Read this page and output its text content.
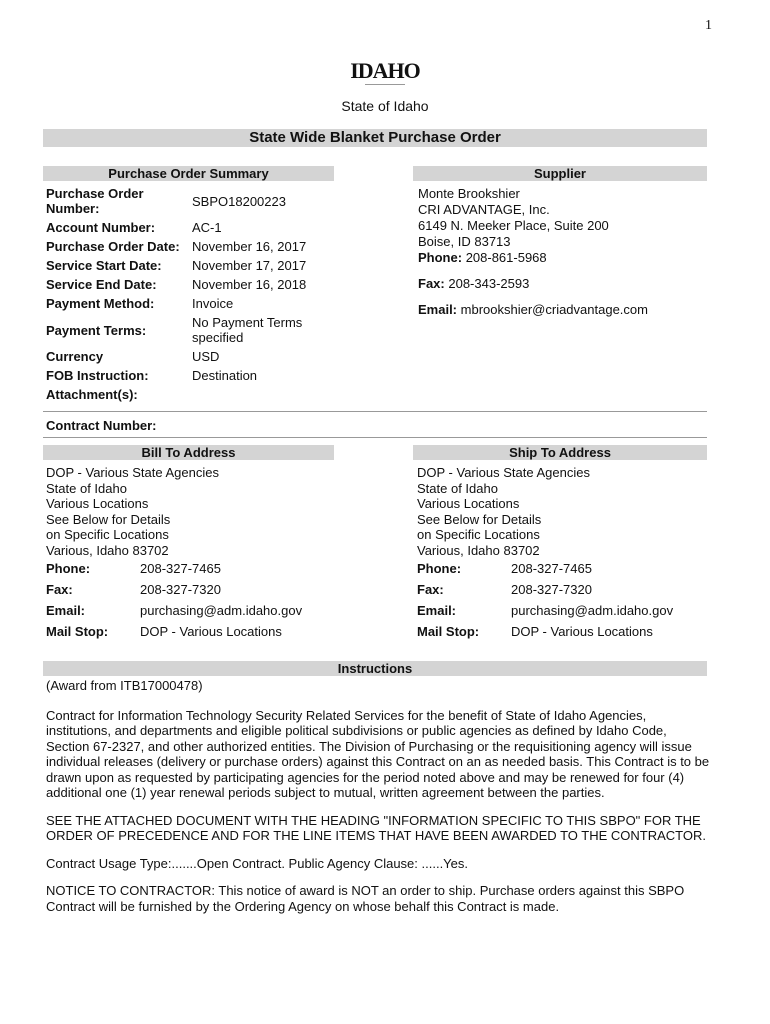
1
IDAHO
State of Idaho
State Wide Blanket Purchase Order
Purchase Order Summary	Supplier
Purchase Order Number:	SBPO18200223
Account Number:	AC-1
Purchase Order Date: November 16, 2017
Service Start Date:	November 17, 2017
Service End Date:	November 16, 2018
Payment Method:	Invoice
Payment Terms:	No Payment Terms specified
Currency	USD
FOB Instruction:	Destination
Attachment(s):
Monte Brookshier
CRI ADVANTAGE, Inc.
6149 N. Meeker Place, Suite 200
Boise, ID 83713
Phone: 208-861-5968
Fax: 208-343-2593
Email: mbrookshier@criadvantage.com
Contract Number:
Bill To Address	Ship To Address
DOP - Various State Agencies
State of Idaho
Various Locations
See Below for Details
on Specific Locations
Various, Idaho 83702
Phone:	208-327-7465
Fax:	208-327-7320
Email:	purchasing@adm.idaho.gov
Mail Stop:	DOP - Various Locations
DOP - Various State Agencies
State of Idaho
Various Locations
See Below for Details
on Specific Locations
Various, Idaho 83702
Phone:	208-327-7465
Fax:	208-327-7320
Email:	purchasing@adm.idaho.gov
Mail Stop:	DOP - Various Locations
Instructions

(Award from ITB17000478)

Contract for Information Technology Security Related Services for the benefit of State of Idaho Agencies, institutions, and departments and eligible political subdivisions or public agencies as defined by Idaho Code, Section 67-2327, and other authorized entities. The Division of Purchasing or the requisitioning agency will issue individual releases (delivery or purchase orders) against this Contract on an as needed basis. This Contract is to be drawn upon as requested by participating agencies for the period noted above and may be renewed for four (4) additional one (1) year renewal periods subject to mutual, written agreement between the parties.

SEE THE ATTACHED DOCUMENT WITH THE HEADING "INFORMATION SPECIFIC TO THIS SBPO" FOR THE ORDER OF PRECEDENCE AND FOR THE LINE ITEMS THAT HAVE BEEN AWARDED TO THE CONTRACTOR.

Contract Usage Type:.......Open Contract. Public Agency Clause: ......Yes.

NOTICE TO CONTRACTOR: This notice of award is NOT an order to ship. Purchase orders against this SBPO Contract will be furnished by the Ordering Agency on whose behalf this Contract is made.
